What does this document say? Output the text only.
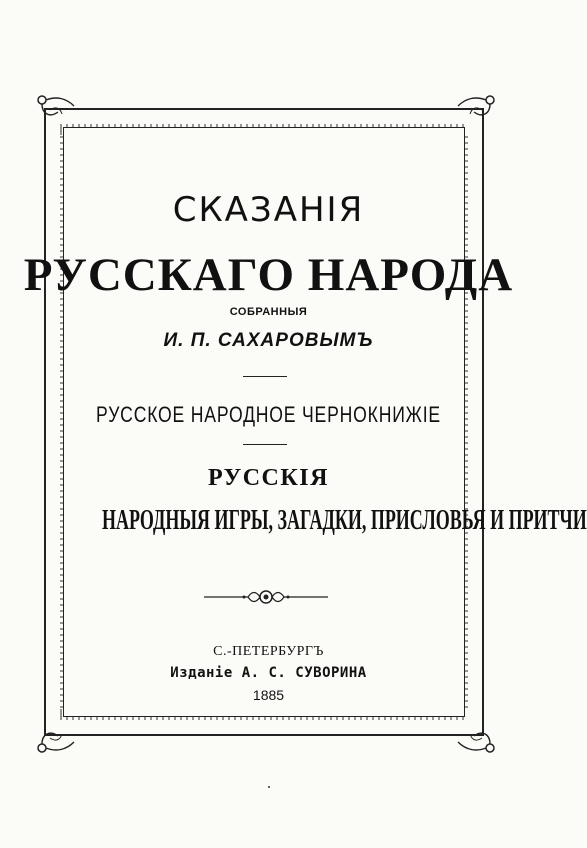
СКАЗАНІЯ
РУССКАГО НАРОДА
СОБРАННЫЯ
И. П. САХАРОВЫМЪ
РУССКОЕ НАРОДНОЕ ЧЕРНОКНИЖІЕ
РУССКІЯ
НАРОДНЫЯ ИГРЫ, ЗАГАДКИ, ПРИСЛОВЬЯ И ПРИТЧИ
С.-ПЕТЕРБУРГЪ
Изданіе А. С. СУВОРИНА
1885
